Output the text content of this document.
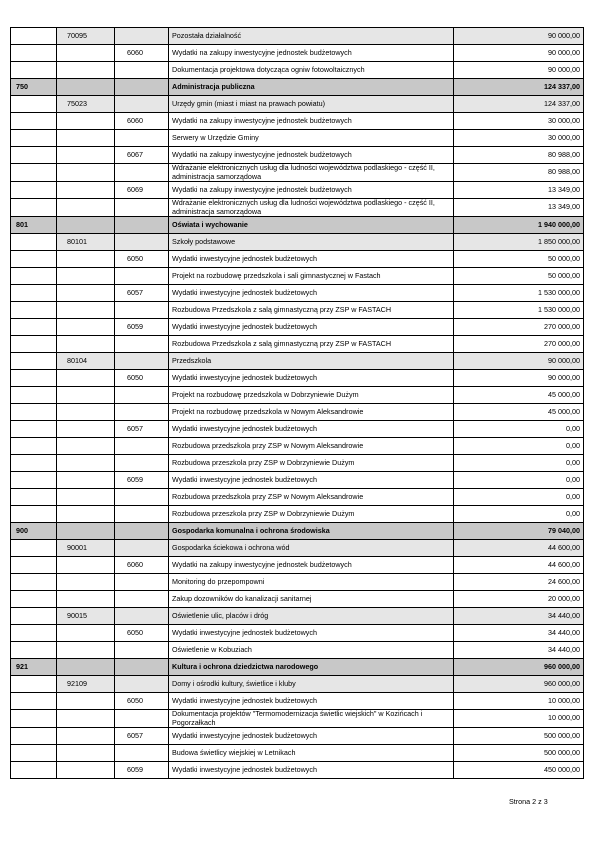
	70095		Pozostała działalność	90 000,00
		6060	Wydatki na zakupy inwestycyjne jednostek budżetowych	90 000,00
			Dokumentacja projektowa dotycząca ogniw fotowoltaicznych	90 000,00
750			Administracja publiczna	124 337,00
	75023		Urzędy gmin (miast i miast na prawach powiatu)	124 337,00
		6060	Wydatki na zakupy inwestycyjne jednostek budżetowych	30 000,00
			Serwery w Urzędzie Gminy	30 000,00
		6067	Wydatki na zakupy inwestycyjne jednostek budżetowych	80 988,00
			Wdrażanie elektronicznych usług dla ludności województwa podlaskiego - część II, administracja samorządowa	80 988,00
		6069	Wydatki na zakupy inwestycyjne jednostek budżetowych	13 349,00
			Wdrażanie elektronicznych usług dla ludności województwa podlaskiego - część II, administracja samorządowa	13 349,00
801			Oświata i wychowanie	1 940 000,00
	80101		Szkoły podstawowe	1 850 000,00
		6050	Wydatki inwestycyjne jednostek budżetowych	50 000,00
			Projekt na rozbudowę przedszkola i sali gimnastycznej w Fastach	50 000,00
		6057	Wydatki inwestycyjne jednostek budżetowych	1 530 000,00
			Rozbudowa Przedszkola z salą gimnastyczną przy ZSP w FASTACH	1 530 000,00
		6059	Wydatki inwestycyjne jednostek budżetowych	270 000,00
			Rozbudowa Przedszkola z salą gimnastyczną przy ZSP w FASTACH	270 000,00
	80104		Przedszkola	90 000,00
		6050	Wydatki inwestycyjne jednostek budżetowych	90 000,00
			Projekt na rozbudowę przedszkola w Dobrzyniewie Dużym	45 000,00
			Projekt na rozbudowę przedszkola w Nowym Aleksandrowie	45 000,00
		6057	Wydatki inwestycyjne jednostek budżetowych	0,00
			Rozbudowa przedszkola przy ZSP w Nowym Aleksandrowie	0,00
			Rozbudowa przeszkola przy ZSP w Dobrzyniewie Dużym	0,00
		6059	Wydatki inwestycyjne jednostek budżetowych	0,00
			Rozbudowa przedszkola przy ZSP w Nowym Aleksandrowie	0,00
			Rozbudowa przeszkola przy ZSP w Dobrzyniewie Dużym	0,00
900			Gospodarka komunalna i ochrona środowiska	79 040,00
	90001		Gospodarka ściekowa i ochrona wód	44 600,00
		6060	Wydatki na zakupy inwestycyjne jednostek budżetowych	44 600,00
			Monitoring do przepompowni	24 600,00
			Zakup dozowników do kanalizacji sanitarnej	20 000,00
	90015		Oświetlenie ulic, placów i dróg	34 440,00
		6050	Wydatki inwestycyjne jednostek budżetowych	34 440,00
			Oświetlenie w Kobuziach	34 440,00
921			Kultura i ochrona dziedzictwa narodowego	960 000,00
	92109		Domy i ośrodki kultury, świetlice i kluby	960 000,00
		6050	Wydatki inwestycyjne jednostek budżetowych	10 000,00
			Dokumentacja projektów "Termomodernizacja świetlic wiejskich" w Kozińcach i Pogorzałkach	10 000,00
		6057	Wydatki inwestycyjne jednostek budżetowych	500 000,00
			Budowa świetlicy wiejskiej w Letnikach	500 000,00
		6059	Wydatki inwestycyjne jednostek budżetowych	450 000,00
Strona 2 z 3
